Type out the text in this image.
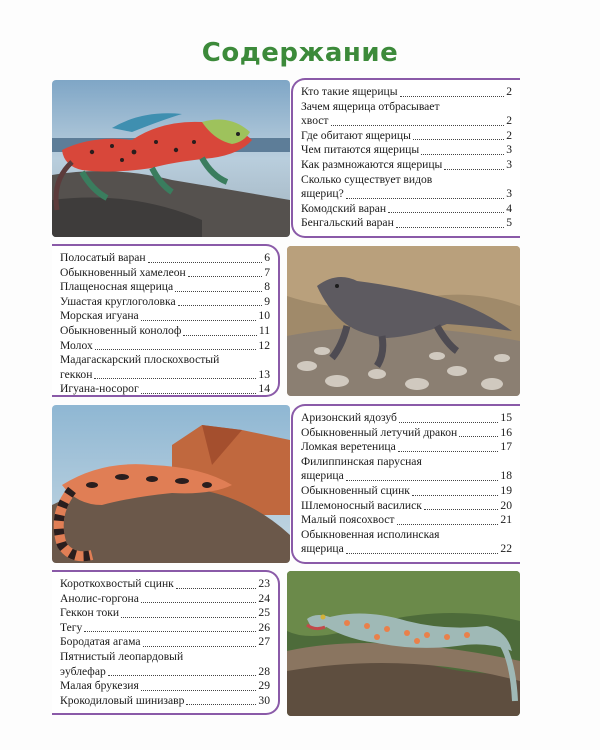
Содержание
Кто такие ящерицы	2
Зачем ящерица отбрасывает
хвост	2
Где обитают ящерицы	2
Чем питаются ящерицы	3
Как размножаются ящерицы	3
Сколько существует видов
ящериц?	3
Комодский варан	4
Бенгальский варан	5
Полосатый варан	6
Обыкновенный хамелеон	7
Плащеносная ящерица	8
Ушастая круглоголовка	9
Морская игуана	10
Обыкновенный конолоф	11
Молох	12
Мадагаскарский плоскохвостый
геккон	13
Игуана-носорог	14
Аризонский ядозуб	15
Обыкновенный летучий дракон	16
Ломкая веретеница	17
Филиппинская парусная
ящерица	18
Обыкновенный сцинк	19
Шлемоносный василиск	20
Малый поясохвост	21
Обыкновенная исполинская
ящерица	22
Короткохвостый сцинк	23
Анолис-горгона	24
Геккон токи	25
Тегу	26
Бородатая агама	27
Пятнистый леопардовый
эублефар	28
Малая брукезия	29
Крокодиловый шинизавр	30
